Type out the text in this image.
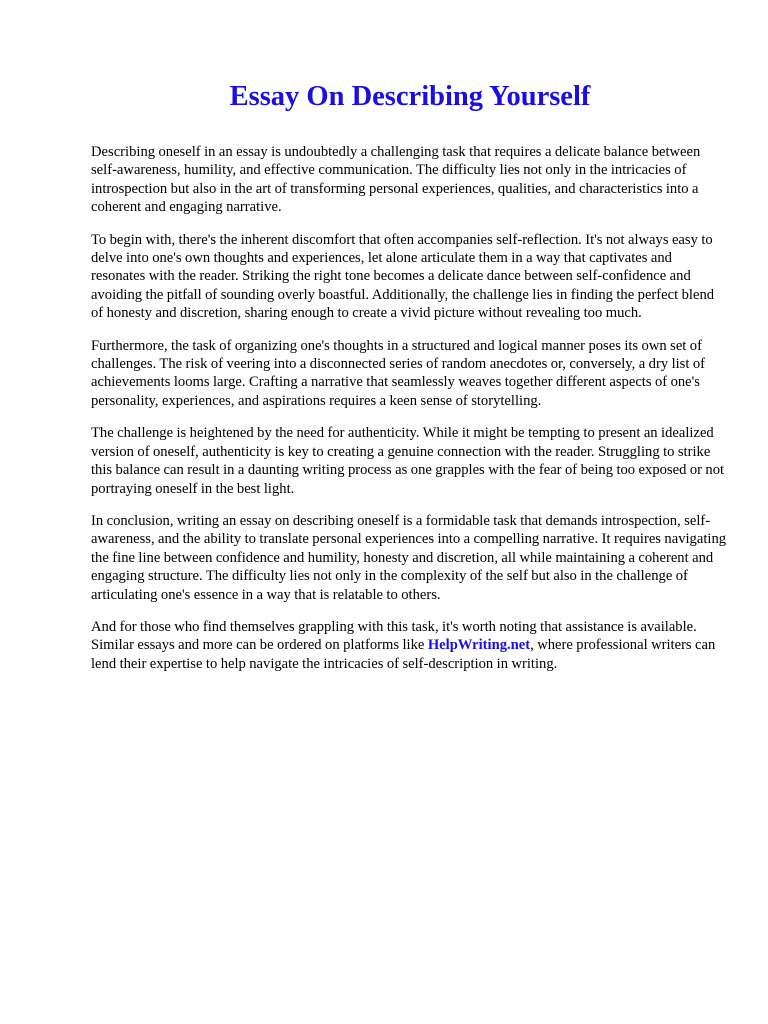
Essay On Describing Yourself

Describing oneself in an essay is undoubtedly a challenging task that requires a delicate balance between self-awareness, humility, and effective communication. The difficulty lies not only in the intricacies of introspection but also in the art of transforming personal experiences, qualities, and characteristics into a coherent and engaging narrative.

To begin with, there's the inherent discomfort that often accompanies self-reflection. It's not always easy to delve into one's own thoughts and experiences, let alone articulate them in a way that captivates and resonates with the reader. Striking the right tone becomes a delicate dance between self-confidence and avoiding the pitfall of sounding overly boastful. Additionally, the challenge lies in finding the perfect blend of honesty and discretion, sharing enough to create a vivid picture without revealing too much.

Furthermore, the task of organizing one's thoughts in a structured and logical manner poses its own set of challenges. The risk of veering into a disconnected series of random anecdotes or, conversely, a dry list of achievements looms large. Crafting a narrative that seamlessly weaves together different aspects of one's personality, experiences, and aspirations requires a keen sense of storytelling.

The challenge is heightened by the need for authenticity. While it might be tempting to present an idealized version of oneself, authenticity is key to creating a genuine connection with the reader. Struggling to strike this balance can result in a daunting writing process as one grapples with the fear of being too exposed or not portraying oneself in the best light.

In conclusion, writing an essay on describing oneself is a formidable task that demands introspection, self-awareness, and the ability to translate personal experiences into a compelling narrative. It requires navigating the fine line between confidence and humility, honesty and discretion, all while maintaining a coherent and engaging structure. The difficulty lies not only in the complexity of the self but also in the challenge of articulating one's essence in a way that is relatable to others.

And for those who find themselves grappling with this task, it's worth noting that assistance is available. Similar essays and more can be ordered on platforms like HelpWriting.net, where professional writers can lend their expertise to help navigate the intricacies of self-description in writing.
